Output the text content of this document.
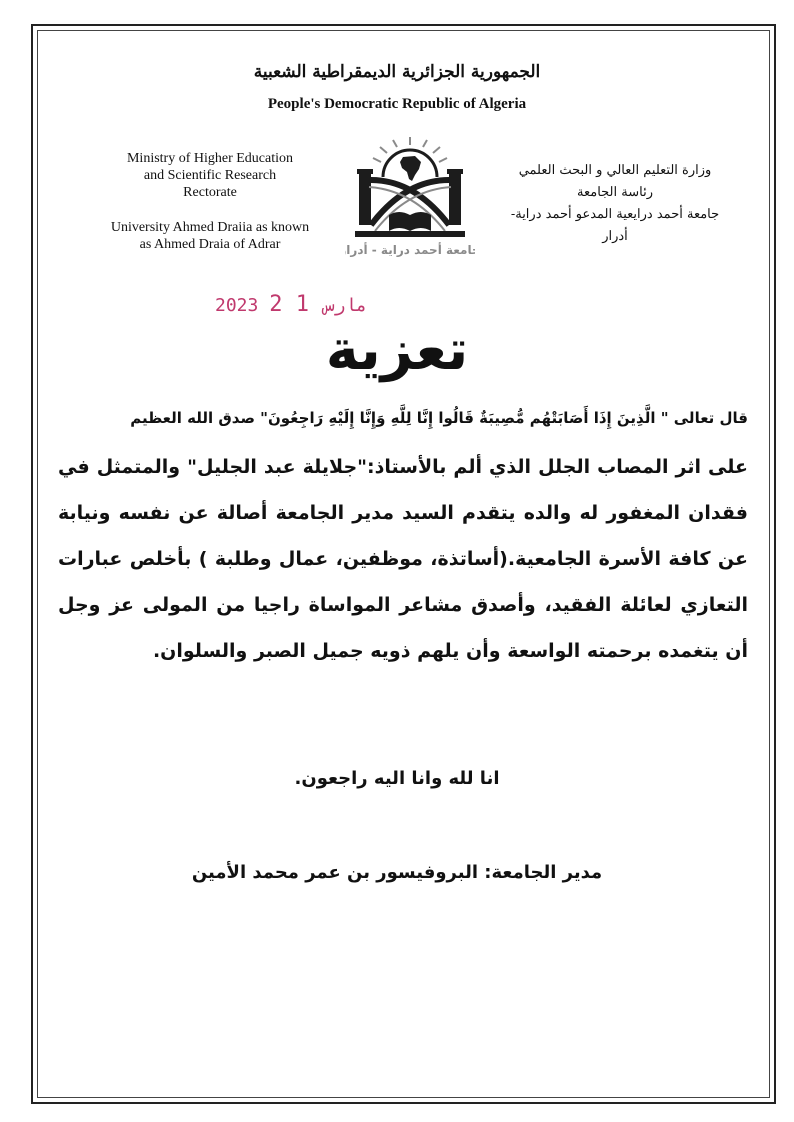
الجمهورية الجزائرية الديمقراطية الشعبية
People's Democratic Republic of Algeria
Ministry of Higher Education
and Scientific Research
Rectorate
University Ahmed Draiia as known
as Ahmed Draia of Adrar	جامعة أحمد دراية - أدرار
وزارة التعليم العالي و البحث العلمي
رئاسة الجامعة
جامعة أحمد درايعية المدعو أحمد دراية- أدرار
2023	مارس 1 2
تعزية

قال تعالى " الَّذِينَ إِذَا أَصَابَتْهُم مُّصِيبَةٌ قَالُوا إِنَّا لِلَّهِ وَإِنَّا إِلَيْهِ رَاجِعُونَ" صدق الله العظيم

على اثر المصاب الجلل الذي ألم بالأستاذ:"جلايلة عبد الجليل" والمتمثل في فقدان المغفور له والده يتقدم السيد مدير الجامعة أصالة عن نفسه ونيابة عن كافة الأسرة الجامعية.(أساتذة، موظفين، عمال وطلبة ) بأخلص عبارات التعازي لعائلة الفقيد، وأصدق مشاعر المواساة راجيا من المولى عز وجل أن يتغمده برحمته الواسعة وأن يلهم ذويه جميل الصبر والسلوان.

انا لله وانا اليه راجعون.
مدير الجامعة: البروفيسور بن عمر محمد الأمين
